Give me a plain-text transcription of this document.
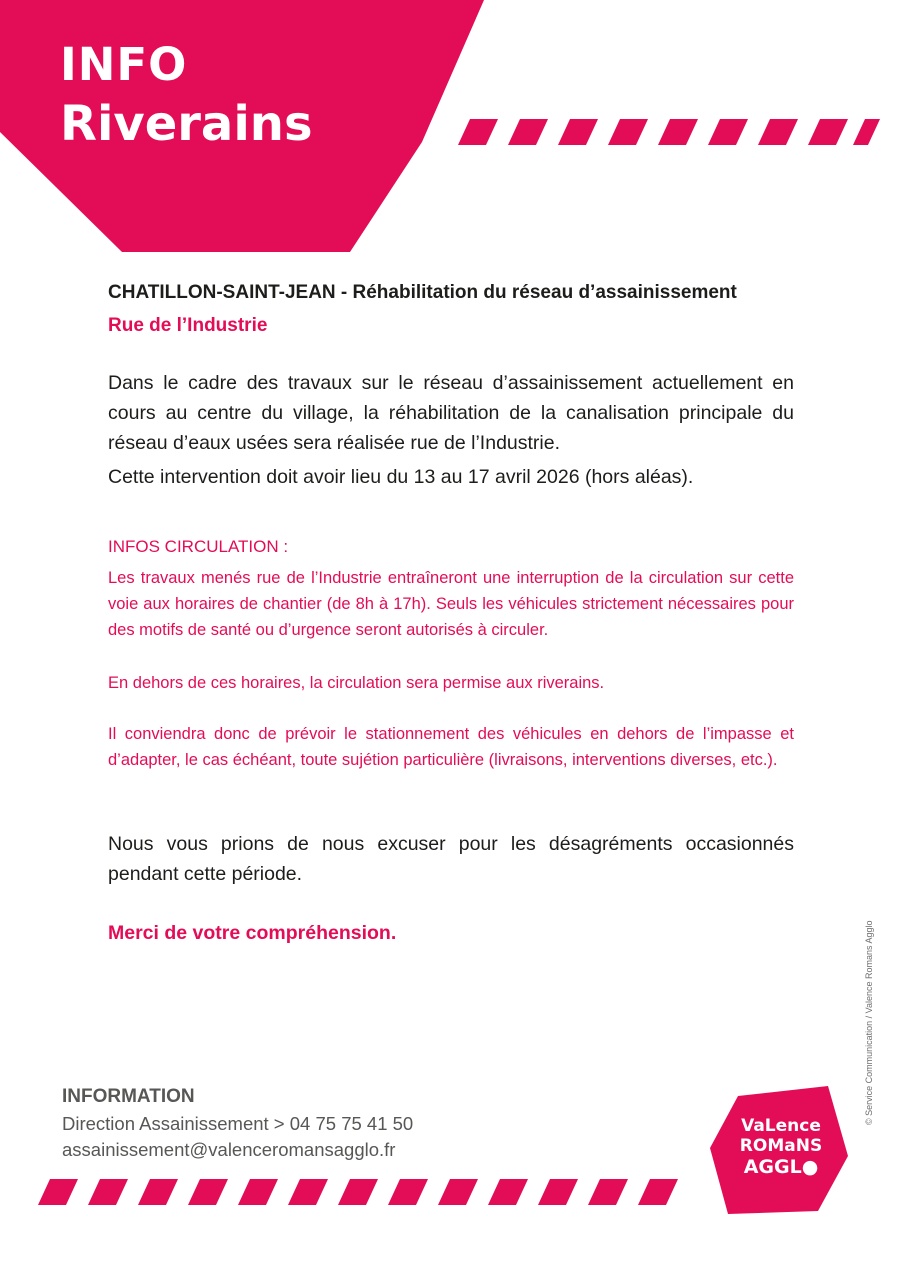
INFO
Riverains

CHATILLON-SAINT-JEAN - Réhabilitation du réseau d’assainissement

Rue de l’Industrie

Dans le cadre des travaux sur le réseau d’assainissement actuellement en cours au centre du village, la réhabilitation de la canalisation principale du réseau d’eaux usées sera réalisée rue de l’Industrie.

Cette intervention doit avoir lieu du 13 au 17 avril 2026 (hors aléas).

INFOS CIRCULATION :

Les travaux menés rue de l’Industrie entraîneront une interruption de la circulation sur cette voie aux horaires de chantier (de 8h à 17h). Seuls les véhicules strictement nécessaires pour des motifs de santé ou d’urgence seront autorisés à circuler.

En dehors de ces horaires, la circulation sera permise aux riverains.

Il conviendra donc de prévoir le stationnement des véhicules en dehors de l’impasse et d’adapter, le cas échéant, toute sujétion particulière (livraisons, interventions diverses, etc.).

Nous vous prions de nous excuser pour les désagréments occasionnés pendant cette période.

Merci de votre compréhension.

INFORMATION

Direction Assainissement > 04 75 75 41 50

assainissement@valenceromansagglo.fr

© Service Communication / Valence Romans Agglo

VaLence

ROMaNS

AGGL●
